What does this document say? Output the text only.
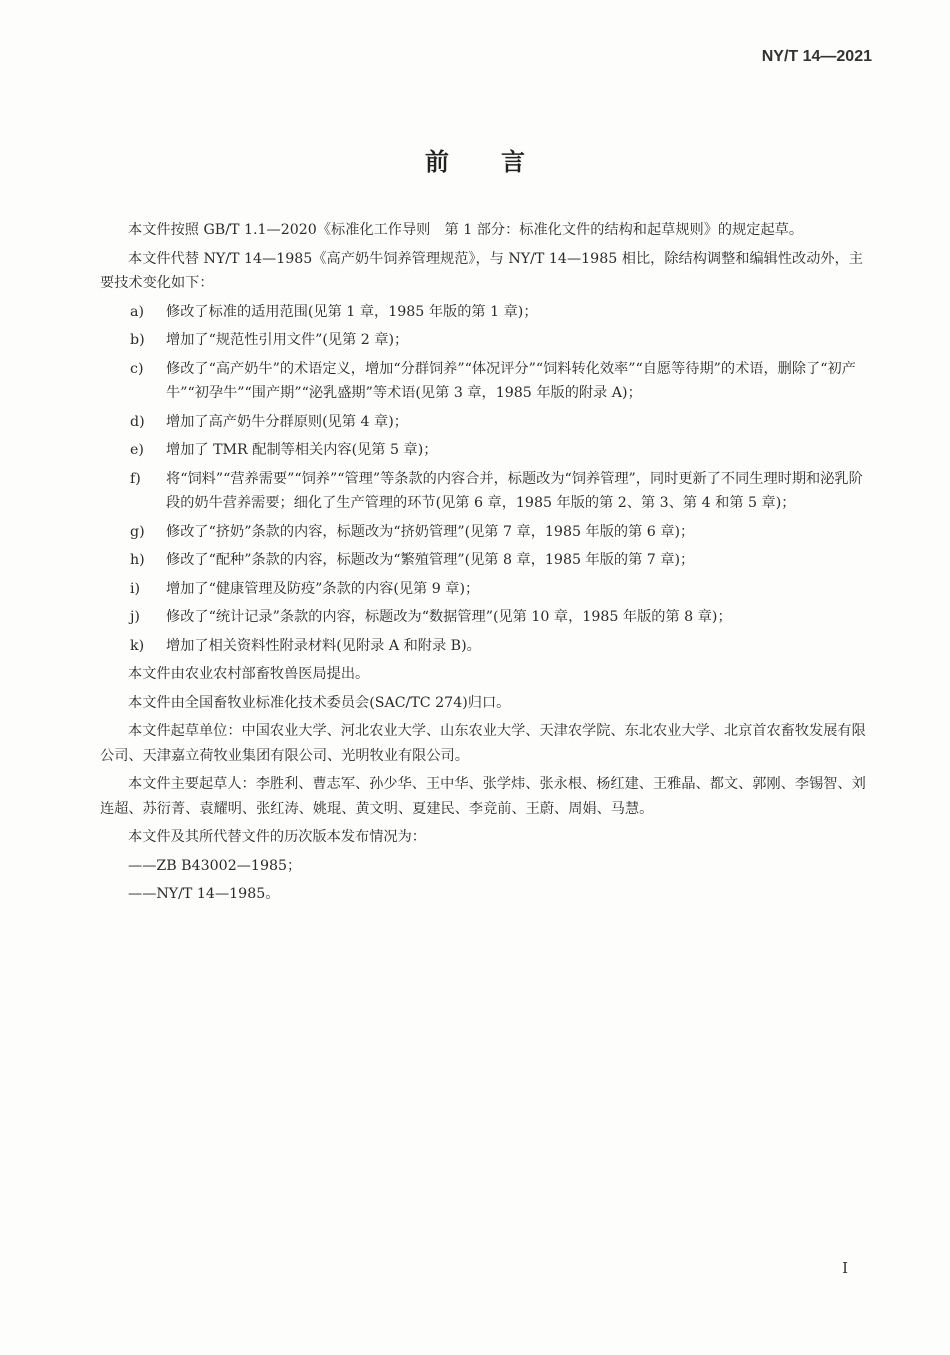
NY/T 14—2021
前言

本文件按照 GB/T 1.1—2020《标准化工作导则　第 1 部分：标准化文件的结构和起草规则》的规定起草。

本文件代替 NY/T 14—1985《高产奶牛饲养管理规范》，与 NY/T 14—1985 相比，除结构调整和编辑性改动外，主要技术变化如下：

a)	修改了标准的适用范围(见第 1 章，1985 年版的第 1 章)；
b)	增加了“规范性引用文件”(见第 2 章)；
c)	修改了“高产奶牛”的术语定义，增加“分群饲养”“体况评分”“饲料转化效率”“自愿等待期”的术语，删除了“初产牛”“初孕牛”“围产期”“泌乳盛期”等术语(见第 3 章，1985 年版的附录 A)；
d)	增加了高产奶牛分群原则(见第 4 章)；
e)	增加了 TMR 配制等相关内容(见第 5 章)；
f)	将“饲料”“营养需要”“饲养”“管理”等条款的内容合并，标题改为“饲养管理”，同时更新了不同生理时期和泌乳阶段的奶牛营养需要；细化了生产管理的环节(见第 6 章，1985 年版的第 2、第 3、第 4 和第 5 章)；
g)	修改了“挤奶”条款的内容，标题改为“挤奶管理”(见第 7 章，1985 年版的第 6 章)；
h)	修改了“配种”条款的内容，标题改为“繁殖管理”(见第 8 章，1985 年版的第 7 章)；
i)	增加了“健康管理及防疫”条款的内容(见第 9 章)；
j)	修改了“统计记录”条款的内容，标题改为“数据管理”(见第 10 章，1985 年版的第 8 章)；
k)	增加了相关资料性附录材料(见附录 A 和附录 B)。

本文件由农业农村部畜牧兽医局提出。

本文件由全国畜牧业标准化技术委员会(SAC/TC 274)归口。

本文件起草单位：中国农业大学、河北农业大学、山东农业大学、天津农学院、东北农业大学、北京首农畜牧发展有限公司、天津嘉立荷牧业集团有限公司、光明牧业有限公司。

本文件主要起草人：李胜利、曹志军、孙少华、王中华、张学炜、张永根、杨红建、王雅晶、都文、郭刚、李锡智、刘连超、苏衍菁、袁耀明、张红涛、姚琨、黄文明、夏建民、李竞前、王蔚、周娟、马慧。

本文件及其所代替文件的历次版本发布情况为：

——ZB B43002—1985；

——NY/T 14—1985。

I
